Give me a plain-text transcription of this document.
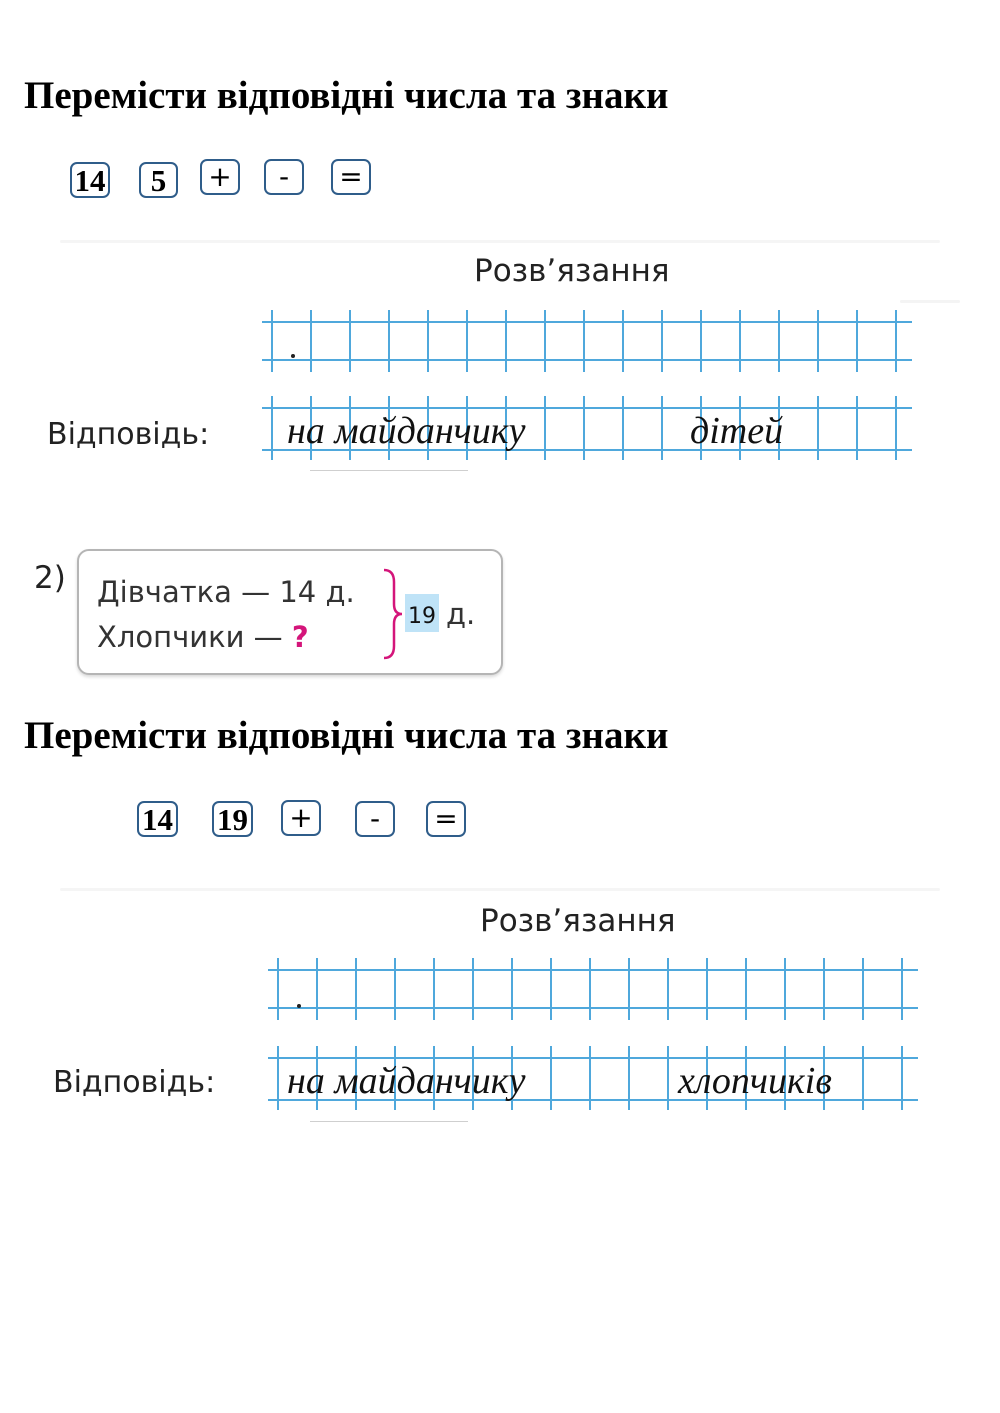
Перемісти відповідні числа та знаки
14	5	+	-	=
Розв’язання
Відповідь: на майданчику	дітей
2) Дівчатка — 14 д.
Хлопчики — ?
19 д.
Перемісти відповідні числа та знаки
14 19 +	-	=
Розв’язання
Відповідь: на майданчику	хлопчиків
